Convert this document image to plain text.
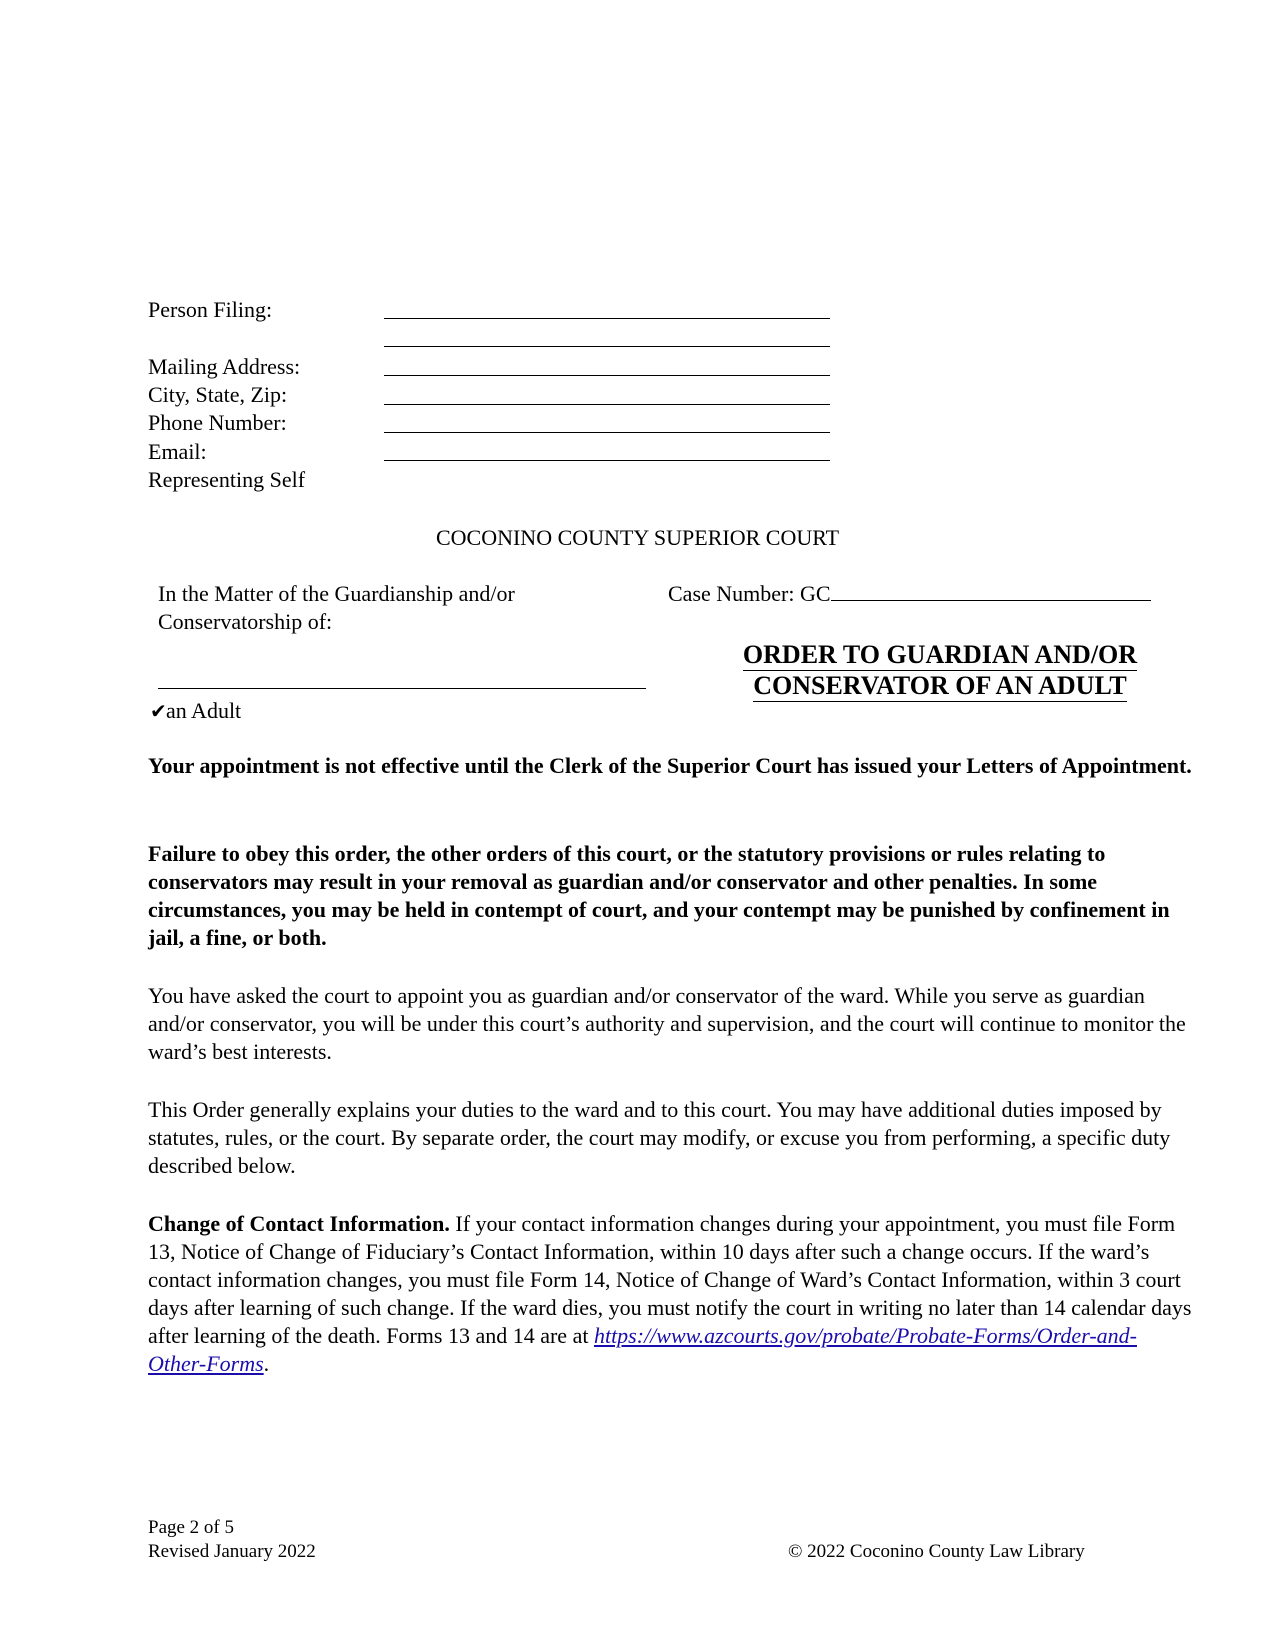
Person Filing:
Mailing Address:
City, State, Zip:
Phone Number:
Email:
Representing Self
COCONINO COUNTY SUPERIOR COURT
In the Matter of the Guardianship and/or
Conservatorship of:
✔an Adult
Case Number: GC
ORDER TO GUARDIAN AND/OR
CONSERVATOR OF AN ADULT
Your appointment is not effective until the Clerk of the Superior Court has issued your Letters of Appointment.
Failure to obey this order, the other orders of this court, or the statutory provisions or rules relating to conservators may result in your removal as guardian and/or conservator and other penalties. In some circumstances, you may be held in contempt of court, and your contempt may be punished by confinement in jail, a fine, or both.
You have asked the court to appoint you as guardian and/or conservator of the ward. While you serve as guardian and/or conservator, you will be under this court’s authority and supervision, and the court will continue to monitor the ward’s best interests.
This Order generally explains your duties to the ward and to this court. You may have additional duties imposed by statutes, rules, or the court. By separate order, the court may modify, or excuse you from performing, a specific duty described below.
Change of Contact Information. If your contact information changes during your appointment, you must file Form 13, Notice of Change of Fiduciary’s Contact Information, within 10 days after such a change occurs. If the ward’s contact information changes, you must file Form 14, Notice of Change of Ward’s Contact Information, within 3 court days after learning of such change. If the ward dies, you must notify the court in writing no later than 14 calendar days after learning of the death. Forms 13 and 14 are at https://www.azcourts.gov/probate/Probate-Forms/Order-and-Other-Forms.
Page 2 of 5
Revised January 2022	© 2022 Coconino County Law Library
